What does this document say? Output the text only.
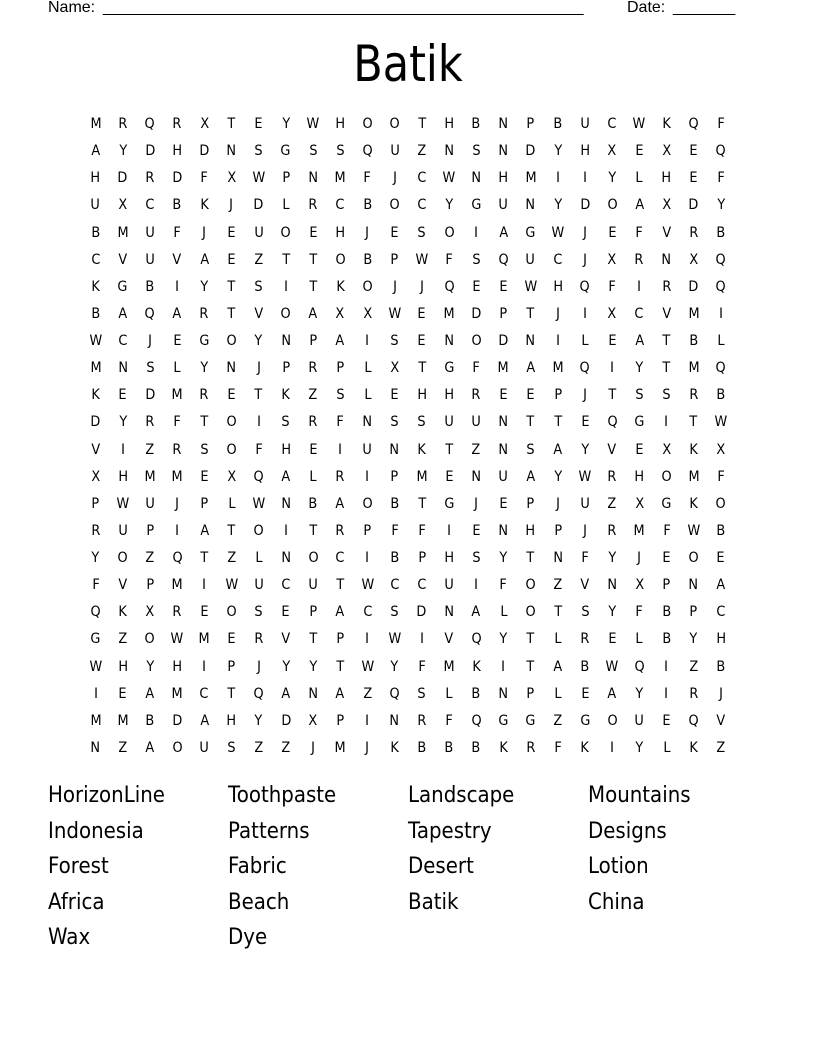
Name: ______________________________________________________	Date: _______
Batik
M	R	Q	R	X	T	E	Y	W	H	O	O	T	H	B	N	P	B	U	C	W	K	Q	F
A	Y	D	H	D	N	S	G	S	S	Q	U	Z	N	S	N	D	Y	H	X	E	X	E	Q
H	D	R	D	F	X	W	P	N	M	F	J	C	W	N	H	M	I	I	Y	L	H	E	F
U	X	C	B	K	J	D	L	R	C	B	O	C	Y	G	U	N	Y	D	O	A	X	D	Y
B	M	U	F	J	E	U	O	E	H	J	E	S	O	I	A	G	W	J	E	F	V	R	B
C	V	U	V	A	E	Z	T	T	O	B	P	W	F	S	Q	U	C	J	X	R	N	X	Q
K	G	B	I	Y	T	S	I	T	K	O	J	J	Q	E	E	W	H	Q	F	I	R	D	Q
B	A	Q	A	R	T	V	O	A	X	X	W	E	M	D	P	T	J	I	X	C	V	M	I
W	C	J	E	G	O	Y	N	P	A	I	S	E	N	O	D	N	I	L	E	A	T	B	L
M	N	S	L	Y	N	J	P	R	P	L	X	T	G	F	M	A	M	Q	I	Y	T	M	Q
K	E	D	M	R	E	T	K	Z	S	L	E	H	H	R	E	E	P	J	T	S	S	R	B
D	Y	R	F	T	O	I	S	R	F	N	S	S	U	U	N	T	T	E	Q	G	I	T	W
V	I	Z	R	S	O	F	H	E	I	U	N	K	T	Z	N	S	A	Y	V	E	X	K	X
X	H	M	M	E	X	Q	A	L	R	I	P	M	E	N	U	A	Y	W	R	H	O	M	F
P	W	U	J	P	L	W	N	B	A	O	B	T	G	J	E	P	J	U	Z	X	G	K	O
R	U	P	I	A	T	O	I	T	R	P	F	F	I	E	N	H	P	J	R	M	F	W	B
Y	O	Z	Q	T	Z	L	N	O	C	I	B	P	H	S	Y	T	N	F	Y	J	E	O	E
F	V	P	M	I	W	U	C	U	T	W	C	C	U	I	F	O	Z	V	N	X	P	N	A
Q	K	X	R	E	O	S	E	P	A	C	S	D	N	A	L	O	T	S	Y	F	B	P	C
G	Z	O	W	M	E	R	V	T	P	I	W	I	V	Q	Y	T	L	R	E	L	B	Y	H
W	H	Y	H	I	P	J	Y	Y	T	W	Y	F	M	K	I	T	A	B	W	Q	I	Z	B
I	E	A	M	C	T	Q	A	N	A	Z	Q	S	L	B	N	P	L	E	A	Y	I	R	J
M	M	B	D	A	H	Y	D	X	P	I	N	R	F	Q	G	G	Z	G	O	U	E	Q	V
N	Z	A	O	U	S	Z	Z	J	M	J	K	B	B	B	K	R	F	K	I	Y	L	K	Z
HorizonLine	Toothpaste	Landscape	Mountains
Indonesia	Patterns	Tapestry	Designs
Forest	Fabric	Desert	Lotion
Africa	Beach	Batik	China
Wax	Dye
